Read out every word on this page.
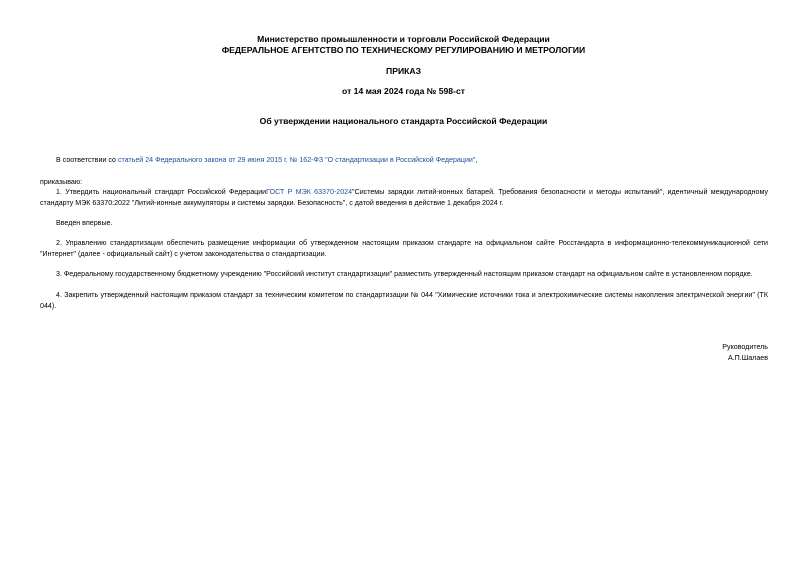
Министерство промышленности и торговли Российской Федерации
ФЕДЕРАЛЬНОЕ АГЕНТСТВО ПО ТЕХНИЧЕСКОМУ РЕГУЛИРОВАНИЮ И МЕТРОЛОГИИ
ПРИКАЗ
от 14 мая 2024 года № 598-ст
Об утверждении национального стандарта Российской Федерации
В соответствии со статьей 24 Федерального закона от 29 июня 2015 г. № 162-ФЗ "О стандартизации в Российской Федерации",
приказываю:
1. Утвердить национальный стандарт Российской ФедерацииГОСТ Р МЭК 63370-2024"Системы зарядки литий-ионных батарей. Требования безопасности и методы испытаний", идентичный международному стандарту МЭК 63370:2022 "Литий-ионные аккумуляторы и системы зарядки. Безопасность", с датой введения в действие 1 декабря 2024 г.
Введен впервые.
2. Управлению стандартизации обеспечить размещение информации об утвержденном настоящим приказом стандарте на официальном сайте Росстандарта в информационно-телекоммуникационной сети "Интернет" (далее - официальный сайт) с учетом законодательства о стандартизации.
3. Федеральному государственному бюджетному учреждению "Российский институт стандартизации" разместить утвержденный настоящим приказом стандарт на официальном сайте в установленном порядке.
4. Закрепить утвержденный настоящим приказом стандарт за техническим комитетом по стандартизации № 044 "Химические источники тока и электрохимические системы накопления электрической энергии" (ТК 044).
Руководитель
А.П.Шалаев
